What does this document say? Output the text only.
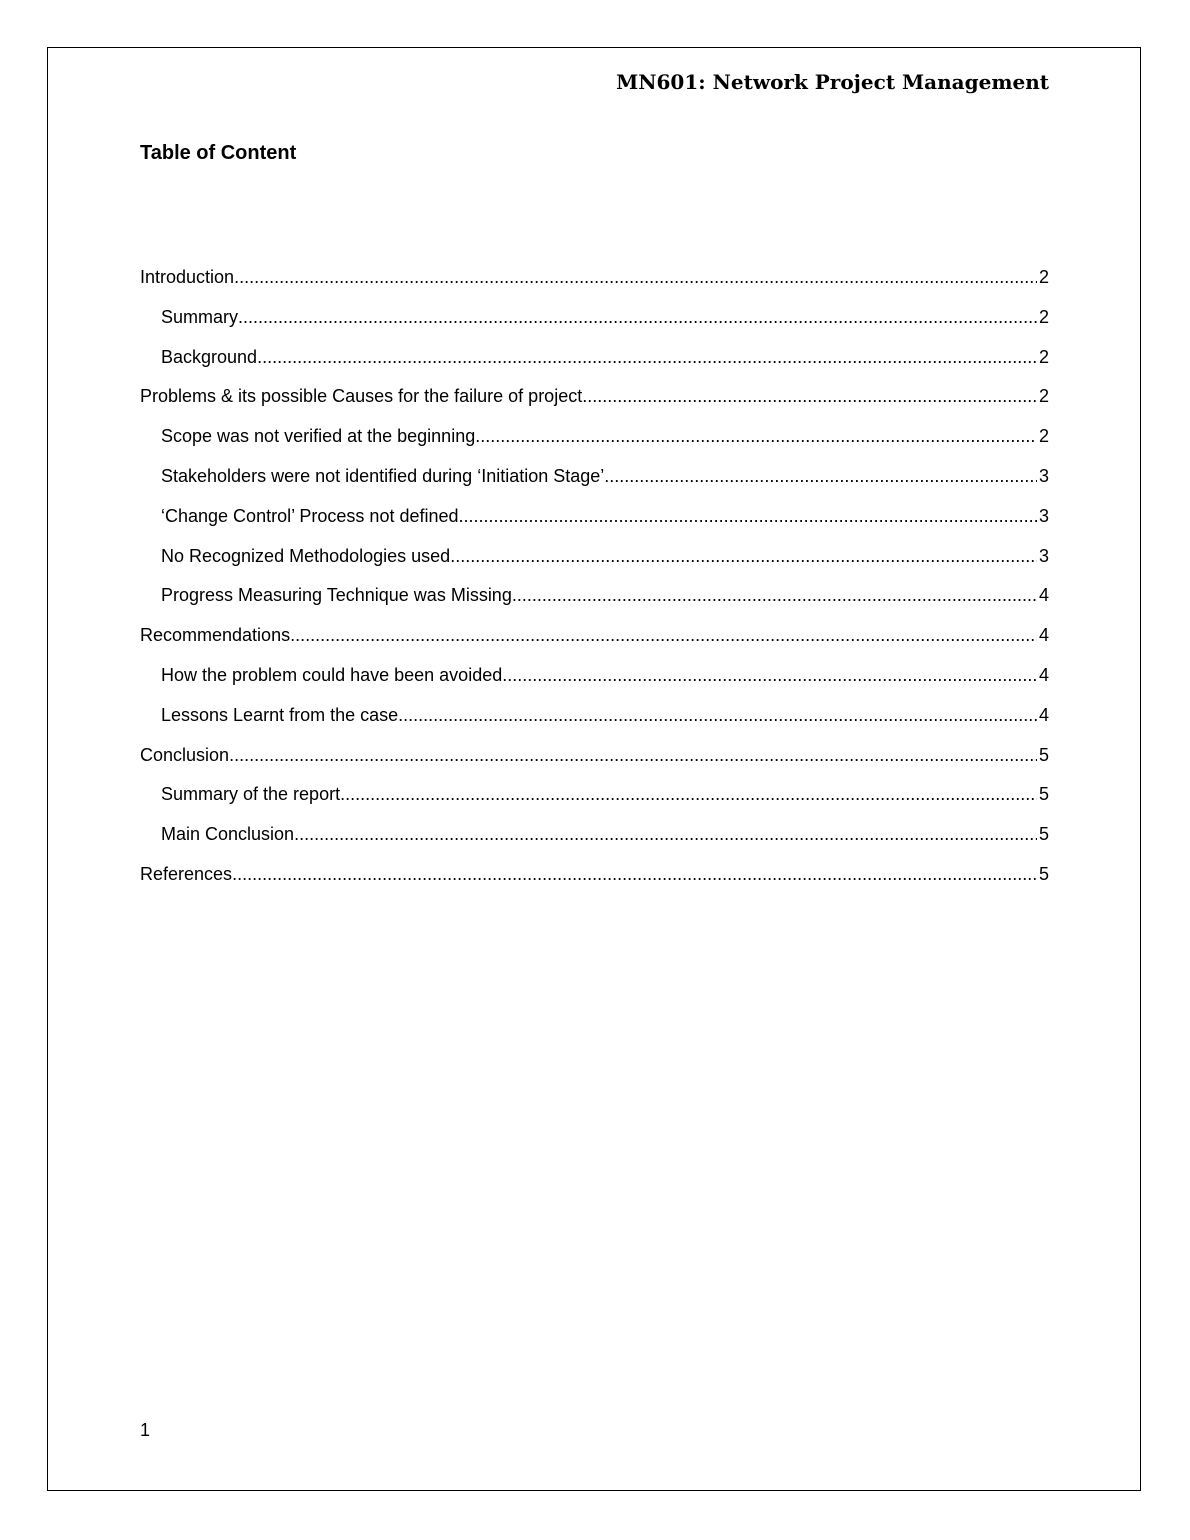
MN601: Network Project Management
Table of Content
Introduction .....	2
Summary .....	2
Background .....	2
Problems & its possible Causes for the failure of project .....	2
Scope was not verified at the beginning .....	2
Stakeholders were not identified during ‘Initiation Stage’ .....	3
‘Change Control’ Process not defined .....	3
No Recognized Methodologies used .....	3
Progress Measuring Technique was Missing .....	4
Recommendations .....	4
How the problem could have been avoided .....	4
Lessons Learnt from the case .....	4
Conclusion .....	5
Summary of the report .....	5
Main Conclusion .....	5
References .....	5
1
